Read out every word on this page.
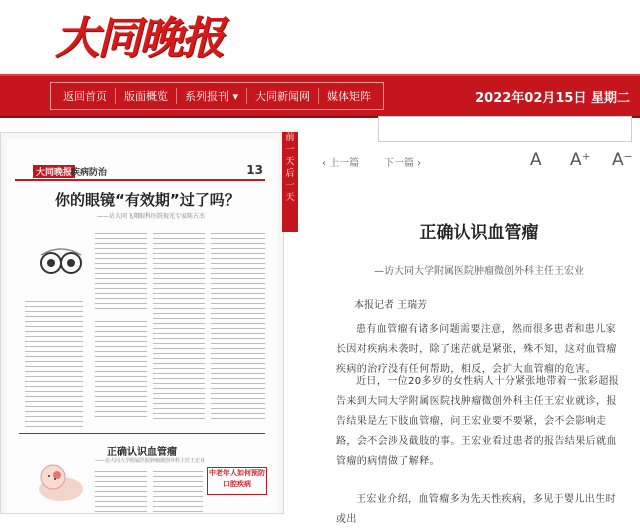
大同晚报
返回首页	版面概览	系列报刊 ▾	大同新闻网	媒体矩阵	2022年02月15日 星期二
大同晚报
疾病防治	13
你的眼镜“有效期”过了吗？
——访大同飞翔眼科医院视光专家陈占杰
正确认识血管瘤
——访大同大学附属医院肿瘤微创外科主任王宏业
中老年人如何预防口腔疾病
前
一
天
后
一
天
‹ 上一篇 下一篇 ›	A A⁺ A⁻
正确认识血管瘤
—访大同大学附属医院肿瘤微创外科主任王宏业
本报记者 王瑞芳
患有血管瘤有诸多问题需要注意，然而很多患者和患儿家长因对疾病未袭时，除了迷茫就是紧张，殊不知，这对血管瘤疾病的治疗没有任何帮助，相反，会扩大血管瘤的危害。
近日，一位20多岁的女性病人十分紧张地带着一张彩超报告来到大同大学附属医院找肿瘤微创外科主任王宏业就诊，报告结果是左下肢血管瘤，问王宏业要不要紧，会不会影响走路，会不会涉及截肢的事。王宏业看过患者的报告结果后就血管瘤的病情做了解释。
王宏业介绍，血管瘤多为先天性疾病，多见于婴儿出生时或出
